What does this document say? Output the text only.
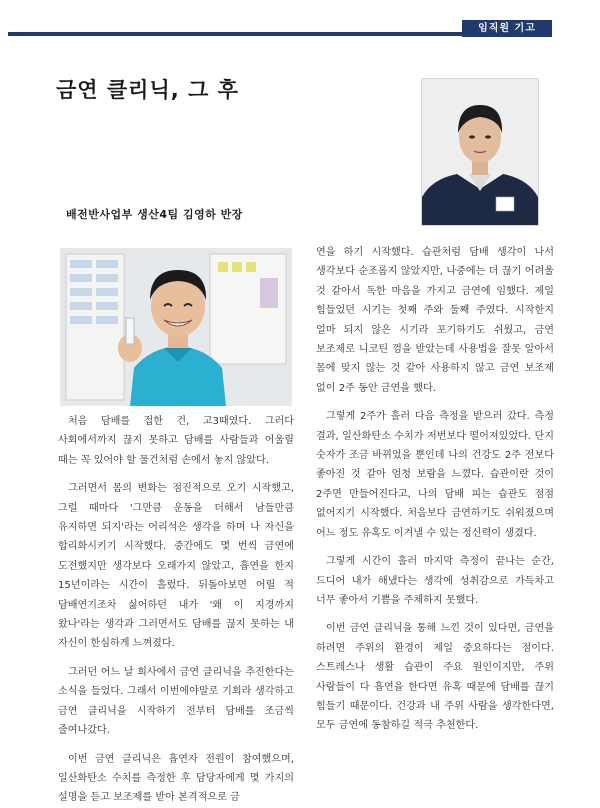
임직원 기고
금연 클리닉, 그 후
배전반사업부 생산4팀 김영하 반장

처음 담배를 접한 건, 고3때였다. 그러다 사회에서까지 끊지 못하고 담배를 사람들과 어울릴 때는 꼭 있어야 할 물건처럼 손에서 놓지 않았다.

그러면서 몸의 변화는 점진적으로 오기 시작했고, 그럴 때마다 '그만큼 운동을 더해서 남들만큼 유지하면 되지'라는 어리석은 생각을 하며 나 자신을 합리화시키기 시작했다. 중간에도 몇 번씩 금연에 도전했지만 생각보다 오래가지 않았고, 흡연을 한지 15년이라는 시간이 흘렀다. 뒤돌아보면 어릴 적 담배연기조차 싫어하던 내가 '왜 이 지경까지 왔나'라는 생각과 그러면서도 담배를 끊지 못하는 내 자신이 한심하게 느껴졌다.

그러던 어느 날 회사에서 금연 클리닉을 추진한다는 소식을 들었다. 그래서 이번에야말로 기회라 생각하고 금연 클리닉을 시작하기 전부터 담배를 조금씩 줄여나갔다.

이번 금연 클리닉은 흡연자 전원이 참여했으며, 일산화탄소 수치를 측정한 후 담당자에게 몇 가지의 설명을 듣고 보조제를 받아 본격적으로 금

연을 하기 시작했다. 습관처럼 담배 생각이 나서 생각보다 순조롭지 않았지만, 나중에는 더 끊기 어려울 것 같아서 독한 마음을 가지고 금연에 임했다. 제일 힘들었던 시기는 첫째 주와 둘째 주였다. 시작한지 얼마 되지 않은 시기라 포기하기도 쉬웠고, 금연 보조제로 니코틴 껌을 받았는데 사용법을 잘못 알아서 몸에 맞지 않는 것 같아 사용하지 않고 금연 보조제 없이 2주 동안 금연을 했다.

그렇게 2주가 흘러 다음 측정을 받으러 갔다. 측정 결과, 일산화탄소 수치가 저번보다 떨어져있었다. 단지 숫자가 조금 바뀌었을 뿐인데 나의 건강도 2주 전보다 좋아진 것 같아 엄청 보람을 느꼈다. 습관이란 것이 2주면 만들어진다고, 나의 담배 피는 습관도 점점 없어지기 시작했다. 처음보다 금연하기도 쉬워졌으며 어느 정도 유혹도 이겨낼 수 있는 정신력이 생겼다.

그렇게 시간이 흘러 마지막 측정이 끝나는 순간, 드디어 내가 해냈다는 생각에 성취감으로 가득차고 너무 좋아서 기쁨을 주체하지 못했다.

이번 금연 클리닉을 통해 느낀 것이 있다면, 금연을 하려면 주위의 환경이 제일 중요하다는 점이다. 스트레스나 생활 습관이 주요 원인이지만, 주위 사람들이 다 흡연을 한다면 유혹 때문에 담배를 끊기 힘들기 때문이다. 건강과 내 주위 사람을 생각한다면, 모두 금연에 동참하길 적극 추천한다.
